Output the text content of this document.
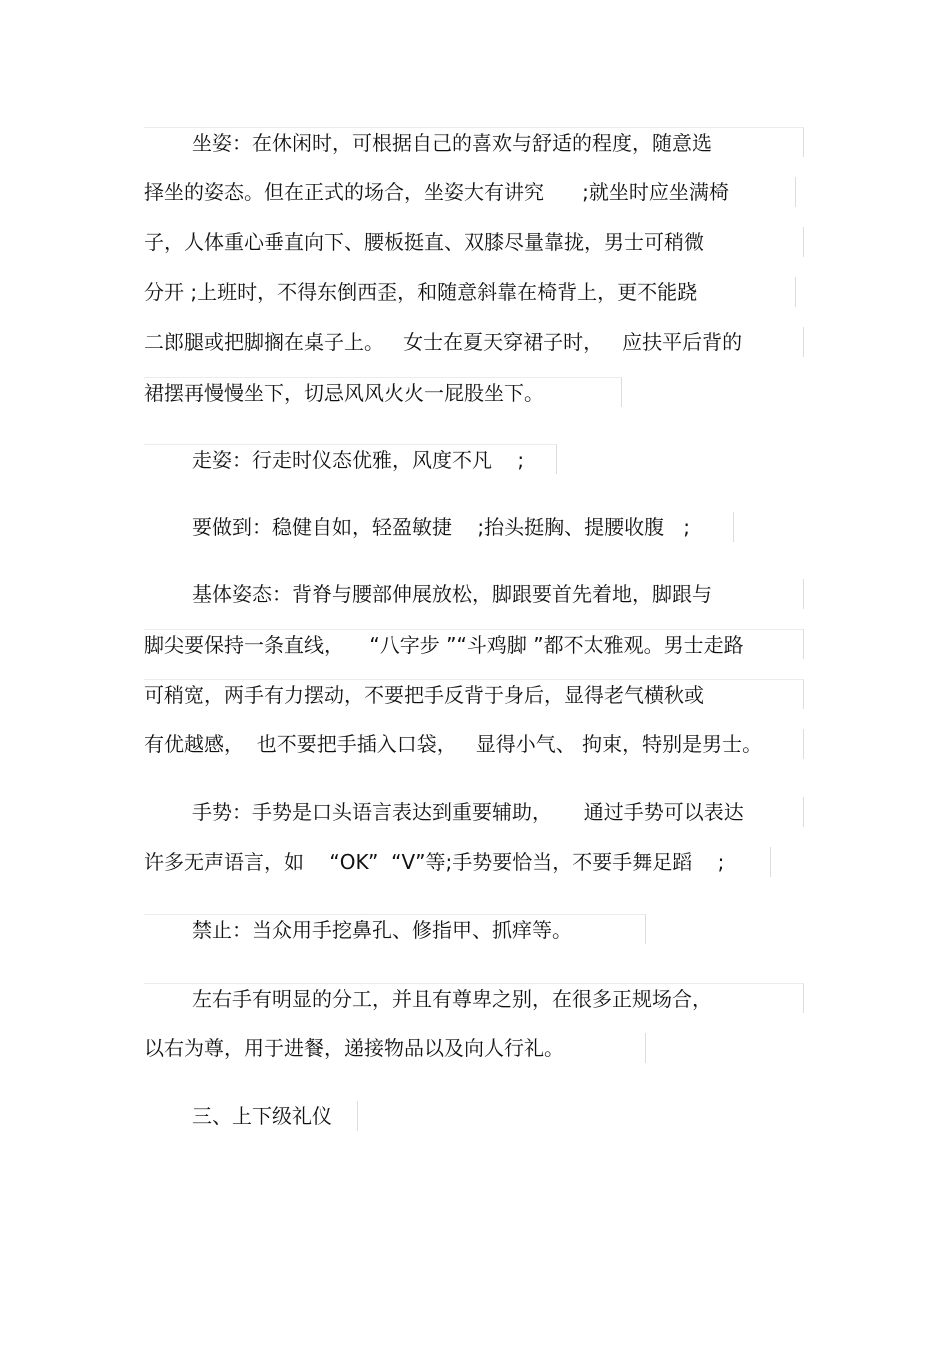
坐姿：在休闲时，可根据自己的喜欢与舒适的程度，随意选
择坐的姿态。但在正式的场合，坐姿大有讲究      ;就坐时应坐满椅
子，人体重心垂直向下、腰板挺直、双膝尽量靠拢，男士可稍微
分开 ;上班时，不得东倒西歪，和随意斜靠在椅背上，更不能跷
二郎腿或把脚搁在桌子上。   女士在夏天穿裙子时，   应扶平后背的
裙摆再慢慢坐下，切忌风风火火一屁股坐下。
走姿：行走时仪态优雅，风度不凡    ;
要做到：稳健自如，轻盈敏捷    ;抬头挺胸、提腰收腹   ;
基体姿态：背脊与腰部伸展放松，脚跟要首先着地，脚跟与
脚尖要保持一条直线，    “八字步 ”“斗鸡脚 ”都不太雅观。男士走路
可稍宽，两手有力摆动，不要把手反背于身后，显得老气横秋或
有优越感，  也不要把手插入口袋，   显得小气、 拘束，特别是男士。
手势：手势是口头语言表达到重要辅助，     通过手势可以表达
许多无声语言，如    “OK”  “V”等;手势要恰当，不要手舞足蹈    ;
禁止：当众用手挖鼻孔、修指甲、抓痒等。
左右手有明显的分工，并且有尊卑之别，在很多正规场合，
以右为尊，用于进餐，递接物品以及向人行礼。
三、上下级礼仪
